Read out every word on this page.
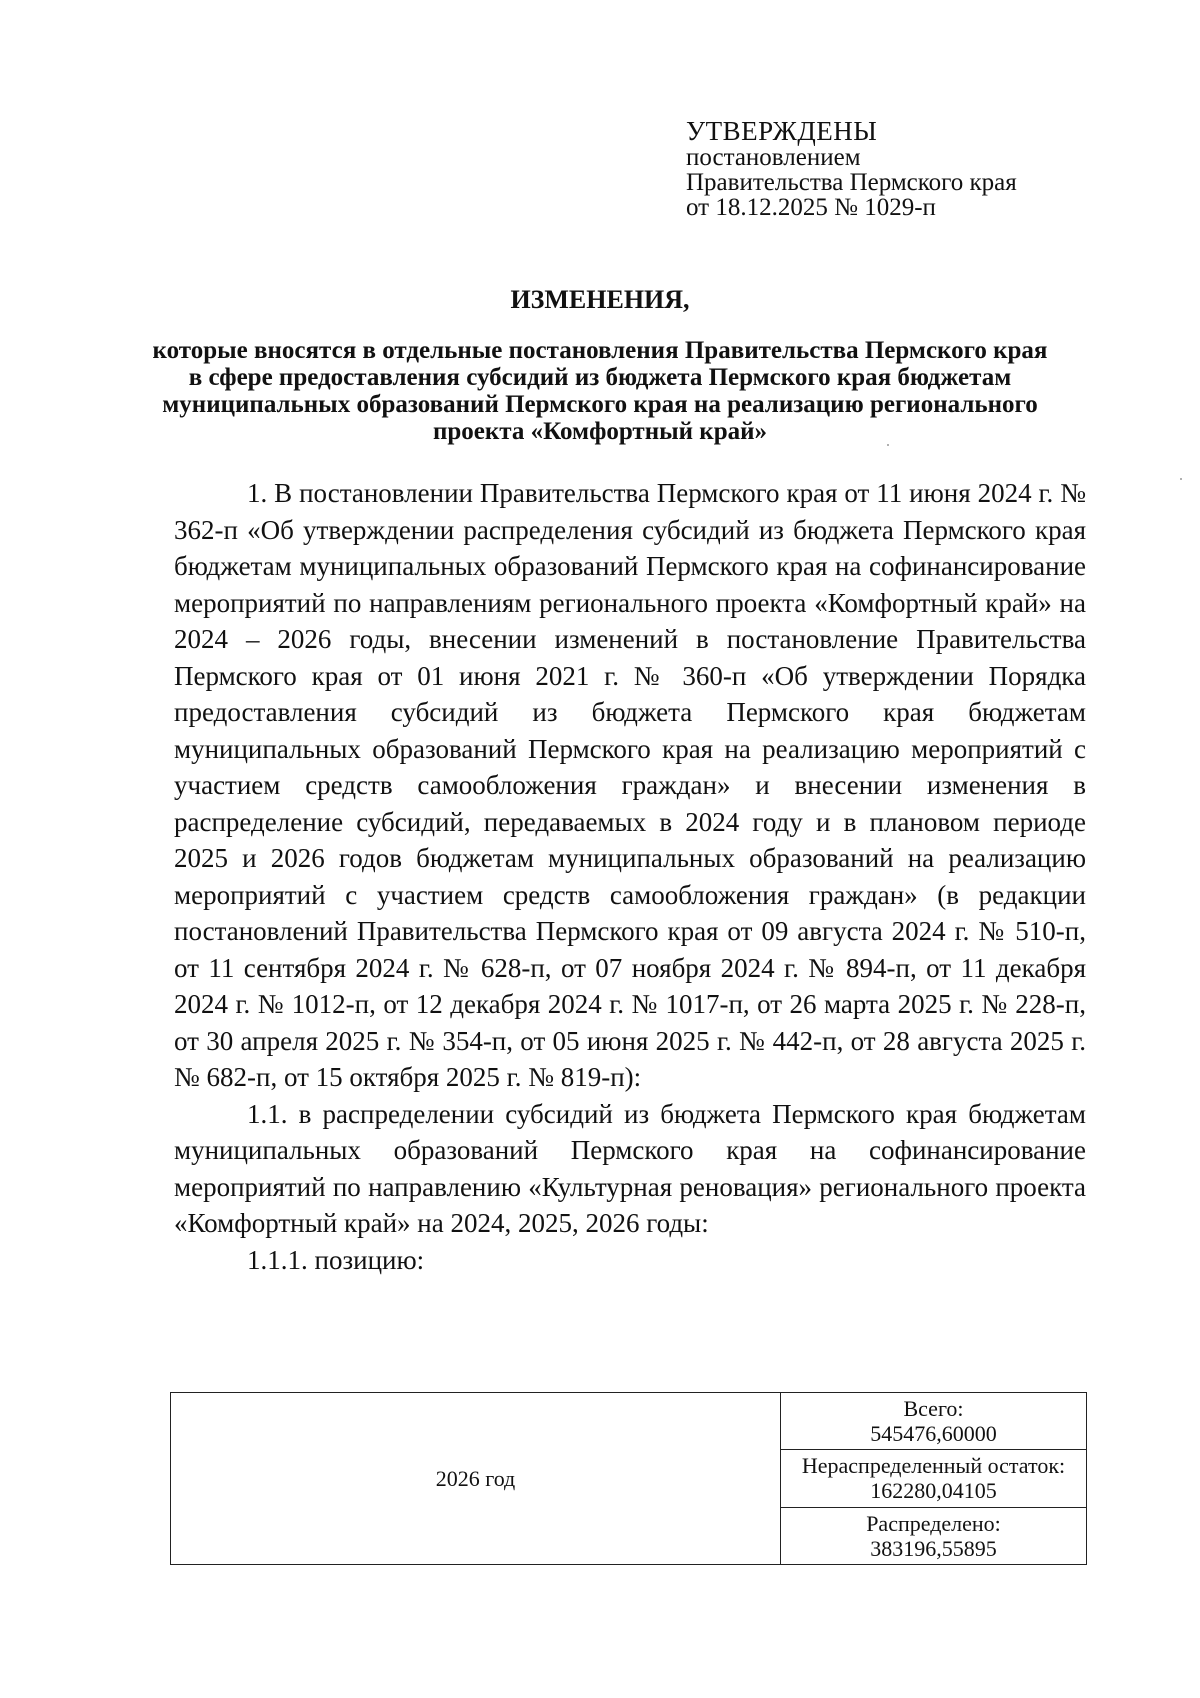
УТВЕРЖДЕНЫ
постановлением
Правительства Пермского края
от 18.12.2025 № 1029-п
ИЗМЕНЕНИЯ,
которые вносятся в отдельные постановления Правительства Пермского края в сфере предоставления субсидий из бюджета Пермского края бюджетам муниципальных образований Пермского края на реализацию регионального проекта «Комфортный край»

1. В постановлении Правительства Пермского края от 11 июня 2024 г. № 362-п «Об утверждении распределения субсидий из бюджета Пермского края бюджетам муниципальных образований Пермского края на софинансирование мероприятий по направлениям регионального проекта «Комфортный край» на 2024 – 2026 годы, внесении изменений в постановление Правительства Пермского края от 01 июня 2021 г. № 360-п «Об утверждении Порядка предоставления субсидий из бюджета Пермского края бюджетам муниципальных образований Пермского края на реализацию мероприятий с участием средств самообложения граждан» и внесении изменения в распределение субсидий, передаваемых в 2024 году и в плановом периоде 2025 и 2026 годов бюджетам муниципальных образований на реализацию мероприятий с участием средств самообложения граждан» (в редакции постановлений Правительства Пермского края от 09 августа 2024 г. № 510-п, от 11 сентября 2024 г. № 628-п, от 07 ноября 2024 г. № 894-п, от 11 декабря 2024 г. № 1012-п, от 12 декабря 2024 г. № 1017-п, от 26 марта 2025 г. № 228-п, от 30 апреля 2025 г. № 354-п, от 05 июня 2025 г. № 442-п, от 28 августа 2025 г. № 682-п, от 15 октября 2025 г. № 819-п):

1.1. в распределении субсидий из бюджета Пермского края бюджетам муниципальных образований Пермского края на софинансирование мероприятий по направлению «Культурная реновация» регионального проекта «Комфортный край» на 2024, 2025, 2026 годы:

1.1.1. позицию:

2026 год	
Всего:
545476,60000

Нераспределенный остаток:
162280,04105

Распределено:
383196,55895
